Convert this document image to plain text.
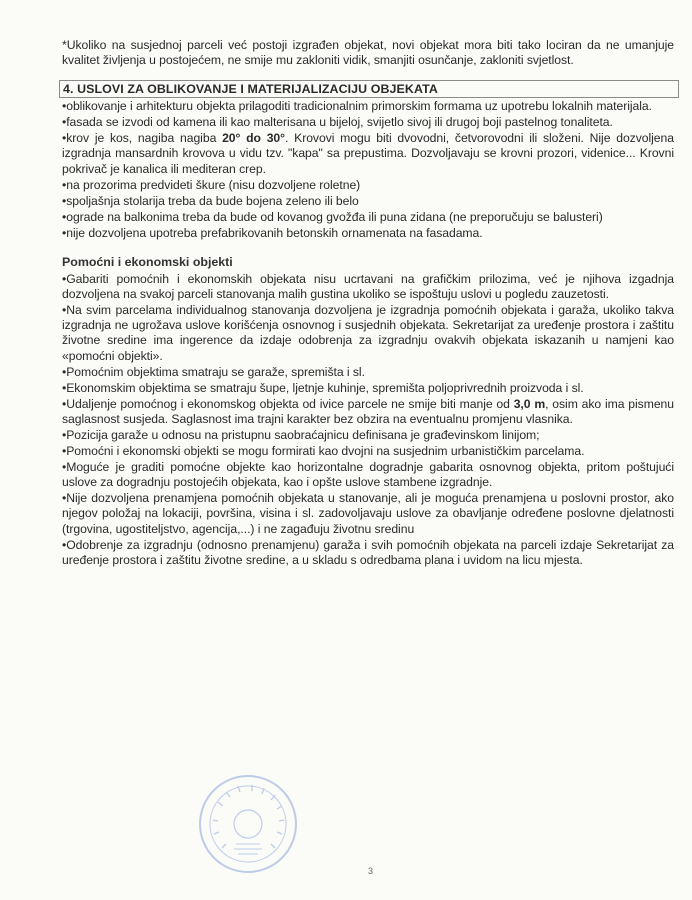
*Ukoliko na susjednoj parceli već postoji izgrađen objekat, novi objekat mora biti tako lociran da ne umanjuje kvalitet življenja u postojećem, ne smije mu zakloniti vidik, smanjiti osunčanje, zakloniti svjetlost.

4. USLOVI ZA OBLIKOVANJE I MATERIJALIZACIJU OBJEKATA

•oblikovanje i arhitekturu objekta prilagoditi tradicionalnim primorskim formama uz upotrebu lokalnih materijala.

•fasada se izvodi od kamena ili kao malterisana u bijeloj, svijetlo sivoj ili drugoj boji pastelnog tonaliteta.

•krov je kos, nagiba nagiba 20° do 30°. Krovovi mogu biti dvovodni, četvorovodni ili složeni. Nije dozvoljena izgradnja mansardnih krovova u vidu tzv. "kapa" sa prepustima. Dozvoljavaju se krovni prozori, videnice... Krovni pokrivač je kanalica ili mediteran crep.

•na prozorima predvideti škure (nisu dozvoljene roletne)

•spoljašnja stolarija treba da bude bojena zeleno ili belo

•ograde na balkonima treba da bude od kovanog gvožđa ili puna zidana (ne preporučuju se balusteri)

•nije dozvoljena upotreba prefabrikovanih betonskih ornamenata na fasadama.

Pomoćni i ekonomski objekti

•Gabariti pomoćnih i ekonomskih objekata nisu ucrtavani na grafičkim prilozima, već je njihova izgadnja dozvoljena na svakoj parceli stanovanja malih gustina ukoliko se ispoštuju uslovi u pogledu zauzetosti.

•Na svim parcelama individualnog stanovanja dozvoljena je izgradnja pomoćnih objekata i garaža, ukoliko takva izgradnja ne ugrožava uslove korišćenja osnovnog i susjednih objekata. Sekretarijat za uređenje prostora i zaštitu životne sredine ima ingerence da izdaje odobrenja za izgradnju ovakvih objekata iskazanih u namjeni kao «pomoćni objekti».

•Pomoćnim objektima smatraju se garaže, spremišta i sl.

•Ekonomskim objektima se smatraju šupe, ljetnje kuhinje, spremišta poljoprivrednih proizvoda i sl.

•Udaljenje pomoćnog i ekonomskog objekta od ivice parcele ne smije biti manje od 3,0 m, osim ako ima pismenu saglasnost susjeda. Saglasnost ima trajni karakter bez obzira na eventualnu promjenu vlasnika.

•Pozicija garaže u odnosu na pristupnu saobraćajnicu definisana je građevinskom linijom;

•Pomoćni i ekonomski objekti se mogu formirati kao dvojni na susjednim urbanističkim parcelama.

•Moguće je graditi pomoćne objekte kao horizontalne dogradnje gabarita osnovnog objekta, pritom poštujući uslove za dogradnju postojećih objekata, kao i opšte uslove stambene izgradnje.

•Nije dozvoljena prenamjena pomoćnih objekata u stanovanje, ali je moguća prenamjena u poslovni prostor, ako njegov položaj na lokaciji, površina, visina i sl. zadovoljavaju uslove za obavljanje određene poslovne djelatnosti (trgovina, ugostiteljstvo, agencija,...) i ne zagađuju životnu sredinu

•Odobrenje za izgradnju (odnosno prenamjenu) garaža i svih pomoćnih objekata na parceli izdaje Sekretarijat za uređenje prostora i zaštitu životne sredine, a u skladu s odredbama plana i uvidom na licu mjesta.

3
